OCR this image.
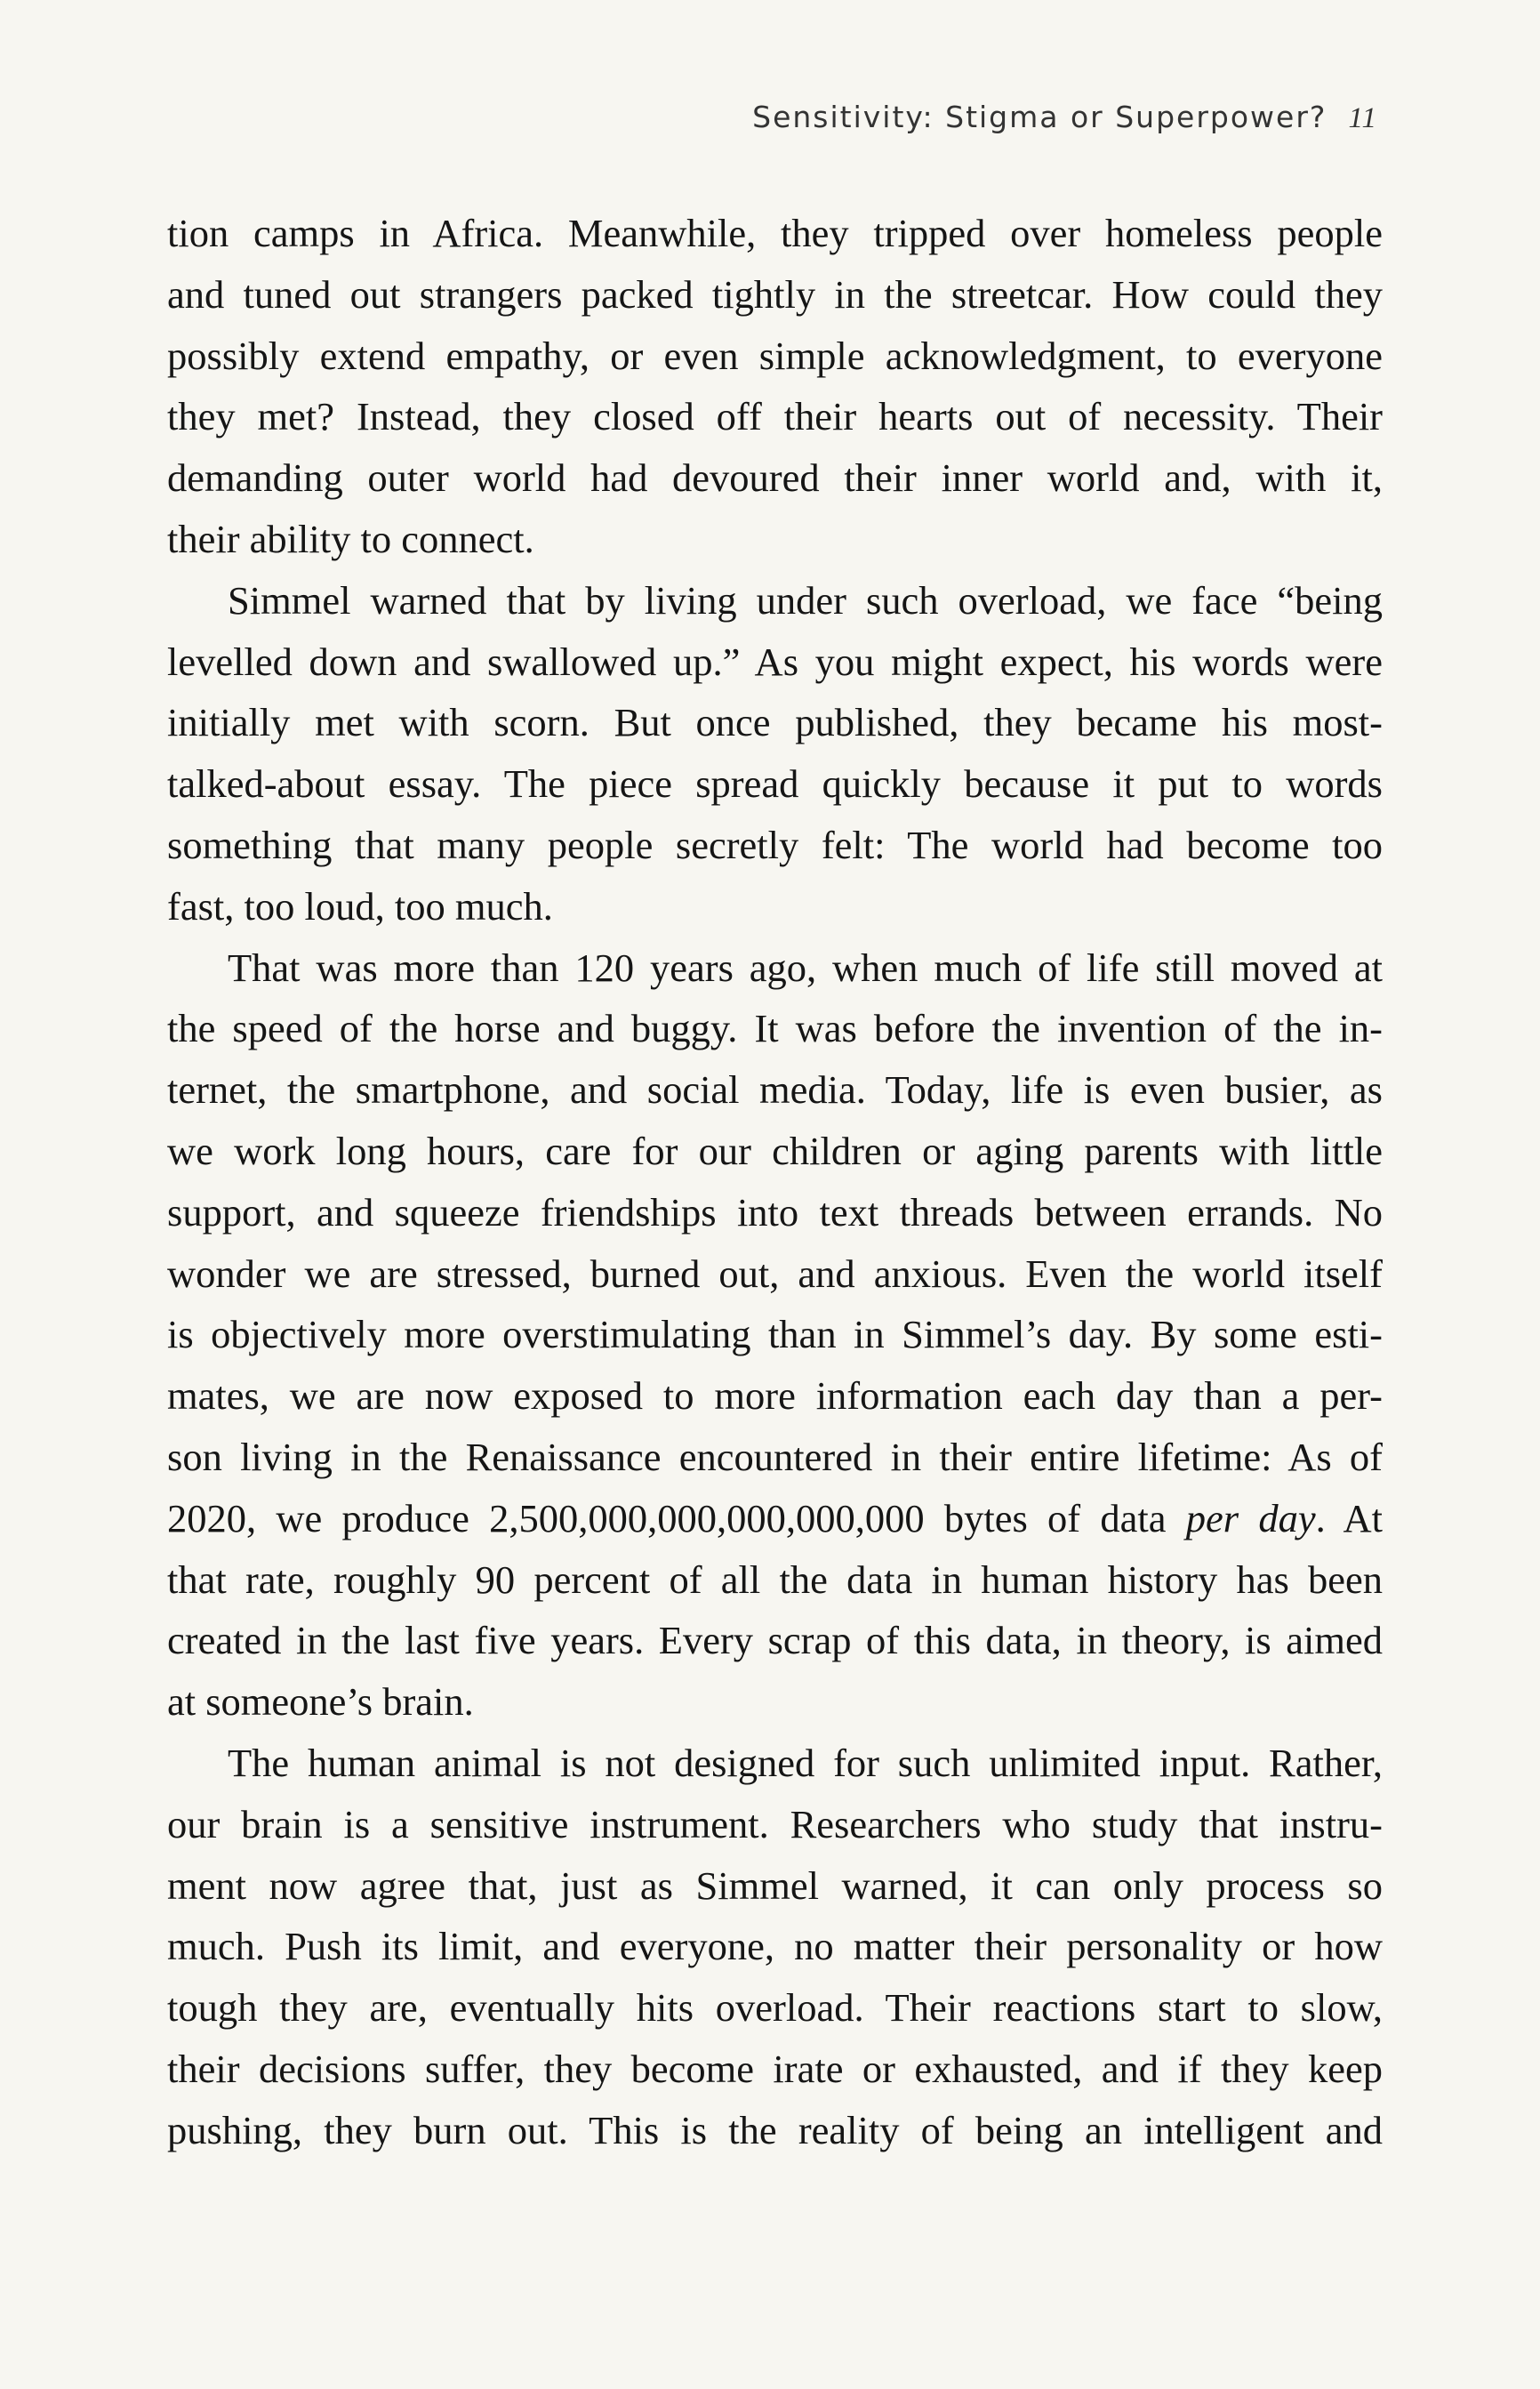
Sensitivity: Stigma or Superpower? 11
tion camps in Africa. Meanwhile, they tripped over homeless people
and tuned out strangers packed tightly in the streetcar. How could they
possibly extend empathy, or even simple acknowledgment, to everyone
they met? Instead, they closed off their hearts out of necessity. Their
demanding outer world had devoured their inner world and, with it,
their ability to connect.
Simmel warned that by living under such overload, we face “being
levelled down and swallowed up.” As you might expect, his words were
initially met with scorn. But once published, they became his most-
talked-about essay. The piece spread quickly because it put to words
something that many people secretly felt: The world had become too
fast, too loud, too much.
That was more than 120 years ago, when much of life still moved at
the speed of the horse and buggy. It was before the invention of the in-
ternet, the smartphone, and social media. Today, life is even busier, as
we work long hours, care for our children or aging parents with little
support, and squeeze friendships into text threads between errands. No
wonder we are stressed, burned out, and anxious. Even the world itself
is objectively more overstimulating than in Simmel’s day. By some esti-
mates, we are now exposed to more information each day than a per-
son living in the Renaissance encountered in their entire lifetime: As of
2020, we produce 2,500,000,000,000,000,000 bytes of data per day. At
that rate, roughly 90 percent of all the data in human history has been
created in the last five years. Every scrap of this data, in theory, is aimed
at someone’s brain.
The human animal is not designed for such unlimited input. Rather,
our brain is a sensitive instrument. Researchers who study that instru-
ment now agree that, just as Simmel warned, it can only process so
much. Push its limit, and everyone, no matter their personality or how
tough they are, eventually hits overload. Their reactions start to slow,
their decisions suffer, they become irate or exhausted, and if they keep
pushing, they burn out. This is the reality of being an intelligent and
